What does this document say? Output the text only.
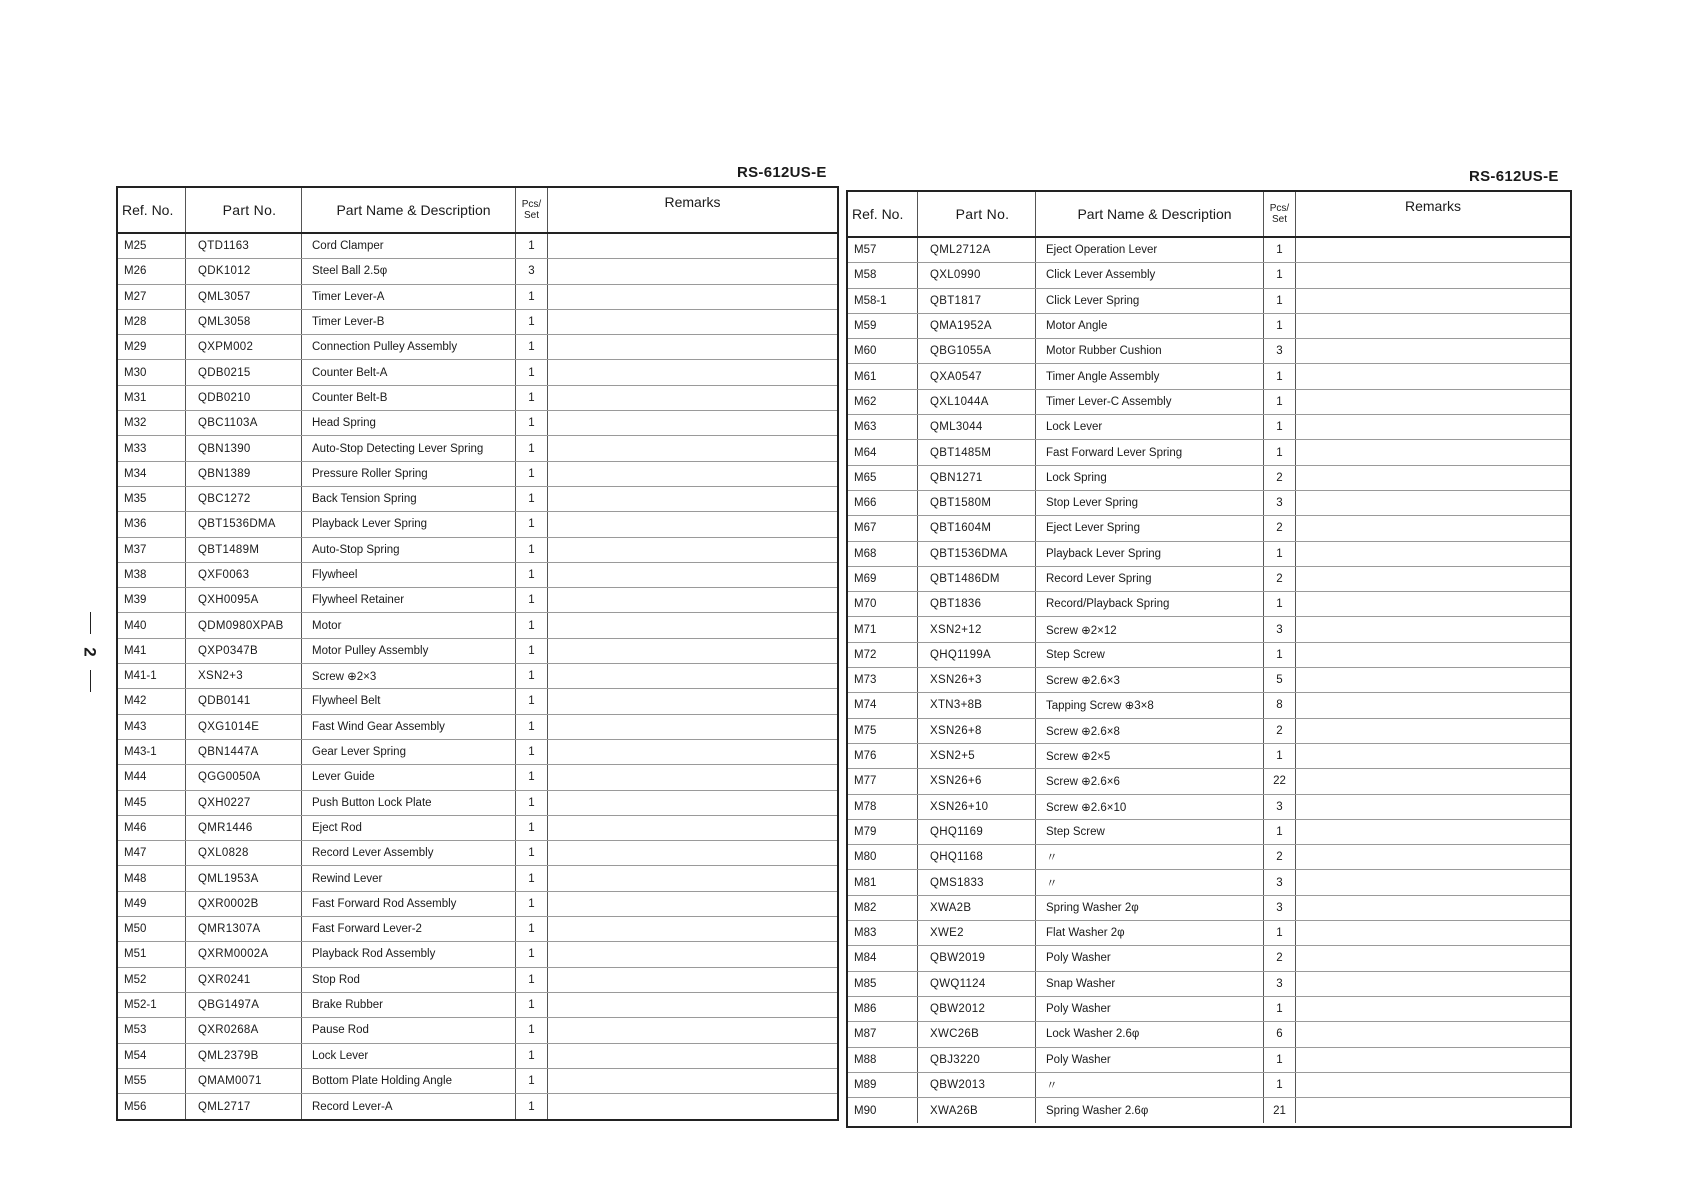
2
RS-612US-E	RS-612US-E
Ref. No.	Part No.	Part Name & Description	Pcs/
Set
Remarks
M25	QTD1163	Cord Clamper	1
M26	QDK1012	Steel Ball 2.5φ	3
M27	QML3057	Timer Lever-A	1
M28	QML3058	Timer Lever-B	1
M29	QXPM002	Connection Pulley Assembly	1
M30	QDB0215	Counter Belt-A	1
M31	QDB0210	Counter Belt-B	1
M32	QBC1103A	Head Spring	1
M33	QBN1390	Auto-Stop Detecting Lever Spring	1
M34	QBN1389	Pressure Roller Spring	1
M35	QBC1272	Back Tension Spring	1
M36	QBT1536DMA	Playback Lever Spring	1
M37	QBT1489M	Auto-Stop Spring	1
M38	QXF0063	Flywheel	1
M39	QXH0095A	Flywheel Retainer	1
M40	QDM0980XPAB	Motor	1
M41	QXP0347B	Motor Pulley Assembly	1
M41-1	XSN2+3	Screw ⊕2×3	1
M42	QDB0141	Flywheel Belt	1
M43	QXG1014E	Fast Wind Gear Assembly	1
M43-1	QBN1447A	Gear Lever Spring	1
M44	QGG0050A	Lever Guide	1
M45	QXH0227	Push Button Lock Plate	1
M46	QMR1446	Eject Rod	1
M47	QXL0828	Record Lever Assembly	1
M48	QML1953A	Rewind Lever	1
M49	QXR0002B	Fast Forward Rod Assembly	1
M50	QMR1307A	Fast Forward Lever-2	1
M51	QXRM0002A	Playback Rod Assembly	1
M52	QXR0241	Stop Rod	1
M52-1	QBG1497A	Brake Rubber	1
M53	QXR0268A	Pause Rod	1
M54	QML2379B	Lock Lever	1
M55	QMAM0071	Bottom Plate Holding Angle	1
M56	QML2717	Record Lever-A	1
Ref. No.	Part No.	Part Name & Description	Pcs/
Set
Remarks
M57	QML2712A	Eject Operation Lever	1
M58	QXL0990	Click Lever Assembly	1
M58-1	QBT1817	Click Lever Spring	1
M59	QMA1952A	Motor Angle	1
M60	QBG1055A	Motor Rubber Cushion	3
M61	QXA0547	Timer Angle Assembly	1
M62	QXL1044A	Timer Lever-C Assembly	1
M63	QML3044	Lock Lever	1
M64	QBT1485M	Fast Forward Lever Spring	1
M65	QBN1271	Lock Spring	2
M66	QBT1580M	Stop Lever Spring	3
M67	QBT1604M	Eject Lever Spring	2
M68	QBT1536DMA	Playback Lever Spring	1
M69	QBT1486DM	Record Lever Spring	2
M70	QBT1836	Record/Playback Spring	1
M71	XSN2+12	Screw ⊕2×12	3
M72	QHQ1199A	Step Screw	1
M73	XSN26+3	Screw ⊕2.6×3	5
M74	XTN3+8B	Tapping Screw ⊕3×8	8
M75	XSN26+8	Screw ⊕2.6×8	2
M76	XSN2+5	Screw ⊕2×5	1
M77	XSN26+6	Screw ⊕2.6×6	22
M78	XSN26+10	Screw ⊕2.6×10	3
M79	QHQ1169	Step Screw	1
M80	QHQ1168	〃	2
M81	QMS1833	〃	3
M82	XWA2B	Spring Washer 2φ	3
M83	XWE2	Flat Washer 2φ	1
M84	QBW2019	Poly Washer	2
M85	QWQ1124	Snap Washer	3
M86	QBW2012	Poly Washer	1
M87	XWC26B	Lock Washer 2.6φ	6
M88	QBJ3220	Poly Washer	1
M89	QBW2013	〃	1
M90	XWA26B	Spring Washer 2.6φ	21
